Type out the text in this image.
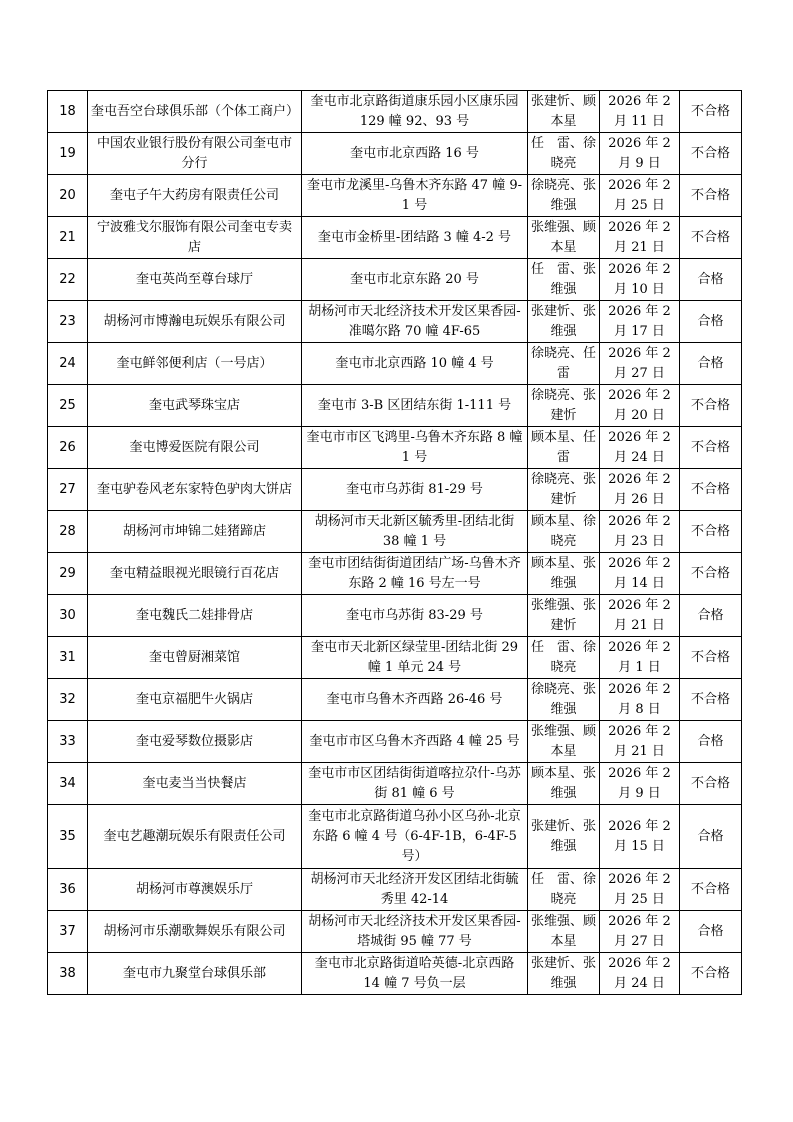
18	奎屯吾空台球俱乐部（个体工商户）	奎屯市北京路街道康乐园小区康乐园 129 幢 92、93 号	张建忻、顾本星	2026 年 2 月 11 日	不合格
19	中国农业银行股份有限公司奎屯市分行	奎屯市北京西路 16 号	任　雷、徐晓亮	2026 年 2 月 9 日	不合格
20	奎屯子午大药房有限责任公司	奎屯市龙溪里-乌鲁木齐东路 47 幢 9-1 号	徐晓亮、张维强	2026 年 2 月 25 日	不合格
21	宁波雅戈尔服饰有限公司奎屯专卖店	奎屯市金桥里-团结路 3 幢 4-2 号	张维强、顾本星	2026 年 2 月 21 日	不合格
22	奎屯英尚至尊台球厅	奎屯市北京东路 20 号	任　雷、张维强	2026 年 2 月 10 日	合格
23	胡杨河市博瀚电玩娱乐有限公司	胡杨河市天北经济技术开发区果香园-准噶尔路 70 幢 4F-65	张建忻、张维强	2026 年 2 月 17 日	合格
24	奎屯鲜邻便利店（一号店）	奎屯市北京西路 10 幢 4 号	徐晓亮、任　雷	2026 年 2 月 27 日	合格
25	奎屯武琴珠宝店	奎屯市 3-B 区团结东街 1-111 号	徐晓亮、张建忻	2026 年 2 月 20 日	不合格
26	奎屯博爱医院有限公司	奎屯市市区飞鸿里-乌鲁木齐东路 8 幢 1 号	顾本星、任　雷	2026 年 2 月 24 日	不合格
27	奎屯驴卷风老东家特色驴肉大饼店	奎屯市乌苏街 81-29 号	徐晓亮、张建忻	2026 年 2 月 26 日	不合格
28	胡杨河市坤锦二娃猪蹄店	胡杨河市天北新区毓秀里-团结北街 38 幢 1 号	顾本星、徐晓亮	2026 年 2 月 23 日	不合格
29	奎屯精益眼视光眼镜行百花店	奎屯市团结街街道团结广场-乌鲁木齐东路 2 幢 16 号左一号	顾本星、张维强	2026 年 2 月 14 日	不合格
30	奎屯魏氏二娃排骨店	奎屯市乌苏街 83-29 号	张维强、张建忻	2026 年 2 月 21 日	合格
31	奎屯曾厨湘菜馆	奎屯市天北新区绿莹里-团结北街 29 幢 1 单元 24 号	任　雷、徐晓亮	2026 年 2 月 1 日	不合格
32	奎屯京福肥牛火锅店	奎屯市乌鲁木齐西路 26-46 号	徐晓亮、张维强	2026 年 2 月 8 日	不合格
33	奎屯爱琴数位摄影店	奎屯市市区乌鲁木齐西路 4 幢 25 号	张维强、顾本星	2026 年 2 月 21 日	合格
34	奎屯麦当当快餐店	奎屯市市区团结街街道喀拉尕什-乌苏街 81 幢 6 号	顾本星、张维强	2026 年 2 月 9 日	不合格
35	奎屯艺趣潮玩娱乐有限责任公司	奎屯市北京路街道乌孙小区乌孙-北京东路 6 幢 4 号（6-4F-1B，6-4F-5 号）	张建忻、张维强	2026 年 2 月 15 日	合格
36	胡杨河市尊澳娱乐厅	胡杨河市天北经济开发区团结北街毓秀里 42-14	任　雷、徐晓亮	2026 年 2 月 25 日	不合格
37	胡杨河市乐潮歌舞娱乐有限公司	胡杨河市天北经济技术开发区果香园-塔城街 95 幢 77 号	张维强、顾本星	2026 年 2 月 27 日	合格
38	奎屯市九聚堂台球俱乐部	奎屯市北京路街道哈英德-北京西路 14 幢 7 号负一层	张建忻、张维强	2026 年 2 月 24 日	不合格
